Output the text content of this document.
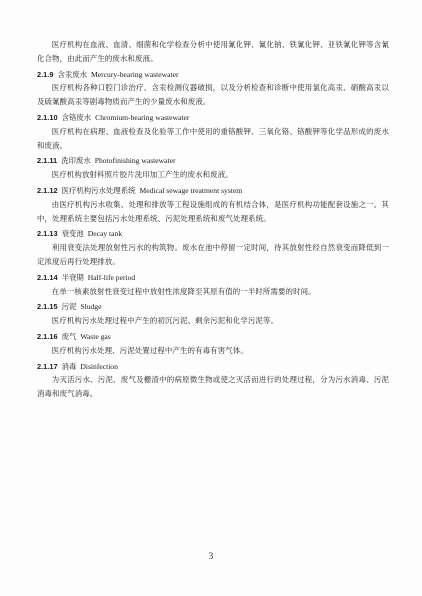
医疗机构在血液、血清、细菌和化学检查分析中使用氰化钾、氰化钠、铁氰化钾、亚铁氰化钾等含氰化合物，由此而产生的废水和废液。

2.1.9 含汞废水 Mercury-bearing wastewater

医疗机构各种口腔门诊治疗、含汞检测仪器破损，以及分析检查和诊断中使用氯化高汞、硝酸高汞以及硫氰酸高汞等剧毒物质而产生的少量废水和废液。

2.1.10 含铬废水 Chromium-bearing wastewater

医疗机构在病理、血液检查及化验等工作中使用的重铬酸钾、三氧化铬、铬酸钾等化学品形成的废水和废液。

2.1.11 洗印废水 Photofinishing wastewater

医疗机构放射科照片胶片洗印加工产生的废水和废液。

2.1.12 医疗机构污水处理系统 Medical sewage treatment system

由医疗机构污水收集、处理和排放等工程设施组成的有机结合体，是医疗机构功能配套设施之一。其中，处理系统主要包括污水处理系统、污泥处理系统和废气处理系统。

2.1.13 衰变池 Decay tank

利用衰变法处理放射性污水的构筑物。废水在池中停留一定时间，待其放射性经自然衰变而降低到一定浓度后再行处理排放。

2.1.14 半衰期 Half-life period

在单一核素放射性衰变过程中放射性浓度降至其原有值的一半时所需要的时间。

2.1.15 污泥 Sludge

医疗机构污水处理过程中产生的初沉污泥、剩余污泥和化学污泥等。

2.1.16 废气 Waste gas

医疗机构污水处理、污泥处置过程中产生的有毒有害气体。

2.1.17 消毒 Disinfection

为灭活污水、污泥、废气及栅渣中的病原微生物或使之灭活而进行的处理过程，分为污水消毒、污泥消毒和废气消毒。

3
